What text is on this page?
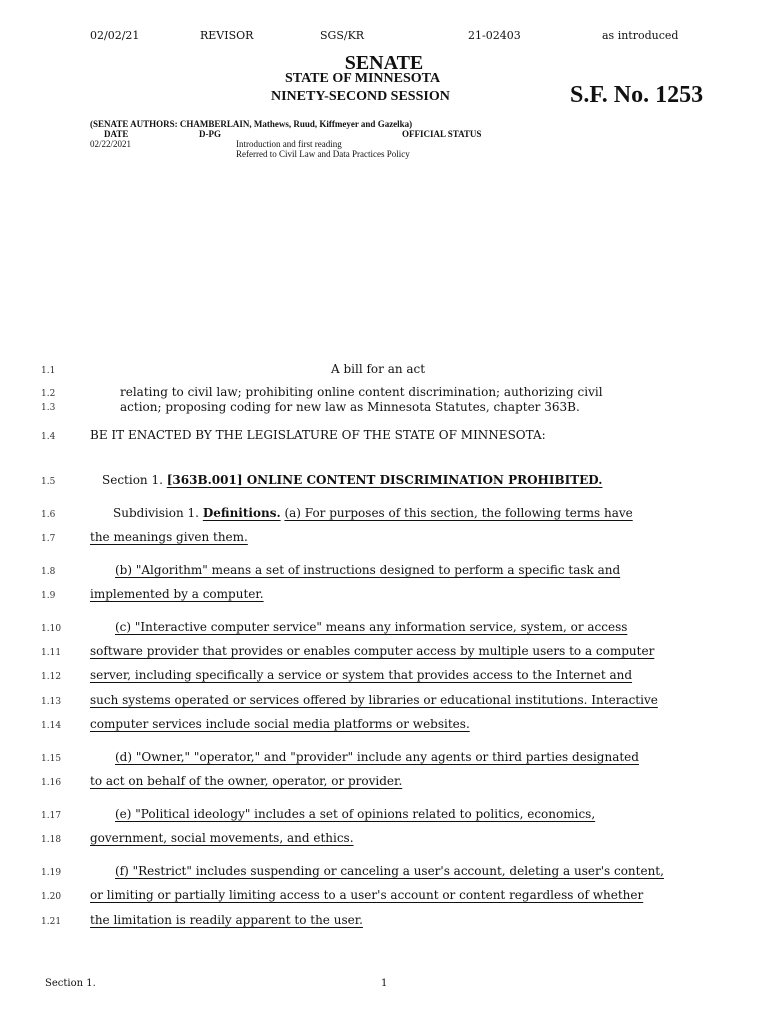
02/02/21	REVISOR	SGS/KR	21-02403	as introduced
SENATE
STATE OF MINNESOTA
NINETY-SECOND SESSION	S.F. No. 1253
(SENATE AUTHORS: CHAMBERLAIN, Mathews, Ruud, Kiffmeyer and Gazelka)
DATE	D-PG	OFFICIAL STATUS
02/22/2021	Introduction and first reading
Referred to Civil Law and Data Practices Policy
1.1
1.2
1.3
1.4
1.5
1.6
1.7
1.8
1.9
1.10
1.11
1.12
1.13
1.14
1.15
1.16
1.17
1.18
1.19
1.20
1.21
A bill for an act
relating to civil law; prohibiting online content discrimination; authorizing civil
action; proposing coding for new law as Minnesota Statutes, chapter 363B.
BE IT ENACTED BY THE LEGISLATURE OF THE STATE OF MINNESOTA:
Section 1. [363B.001] ONLINE CONTENT DISCRIMINATION PROHIBITED.
Subdivision 1. Definitions. (a) For purposes of this section, the following terms have
the meanings given them.
(b) "Algorithm" means a set of instructions designed to perform a specific task and
implemented by a computer.
(c) "Interactive computer service" means any information service, system, or access
software provider that provides or enables computer access by multiple users to a computer
server, including specifically a service or system that provides access to the Internet and
such systems operated or services offered by libraries or educational institutions. Interactive
computer services include social media platforms or websites.
(d) "Owner," "operator," and "provider" include any agents or third parties designated
to act on behalf of the owner, operator, or provider.
(e) "Political ideology" includes a set of opinions related to politics, economics,
government, social movements, and ethics.
(f) "Restrict" includes suspending or canceling a user's account, deleting a user's content,
or limiting or partially limiting access to a user's account or content regardless of whether
the limitation is readily apparent to the user.
Section 1.	1
